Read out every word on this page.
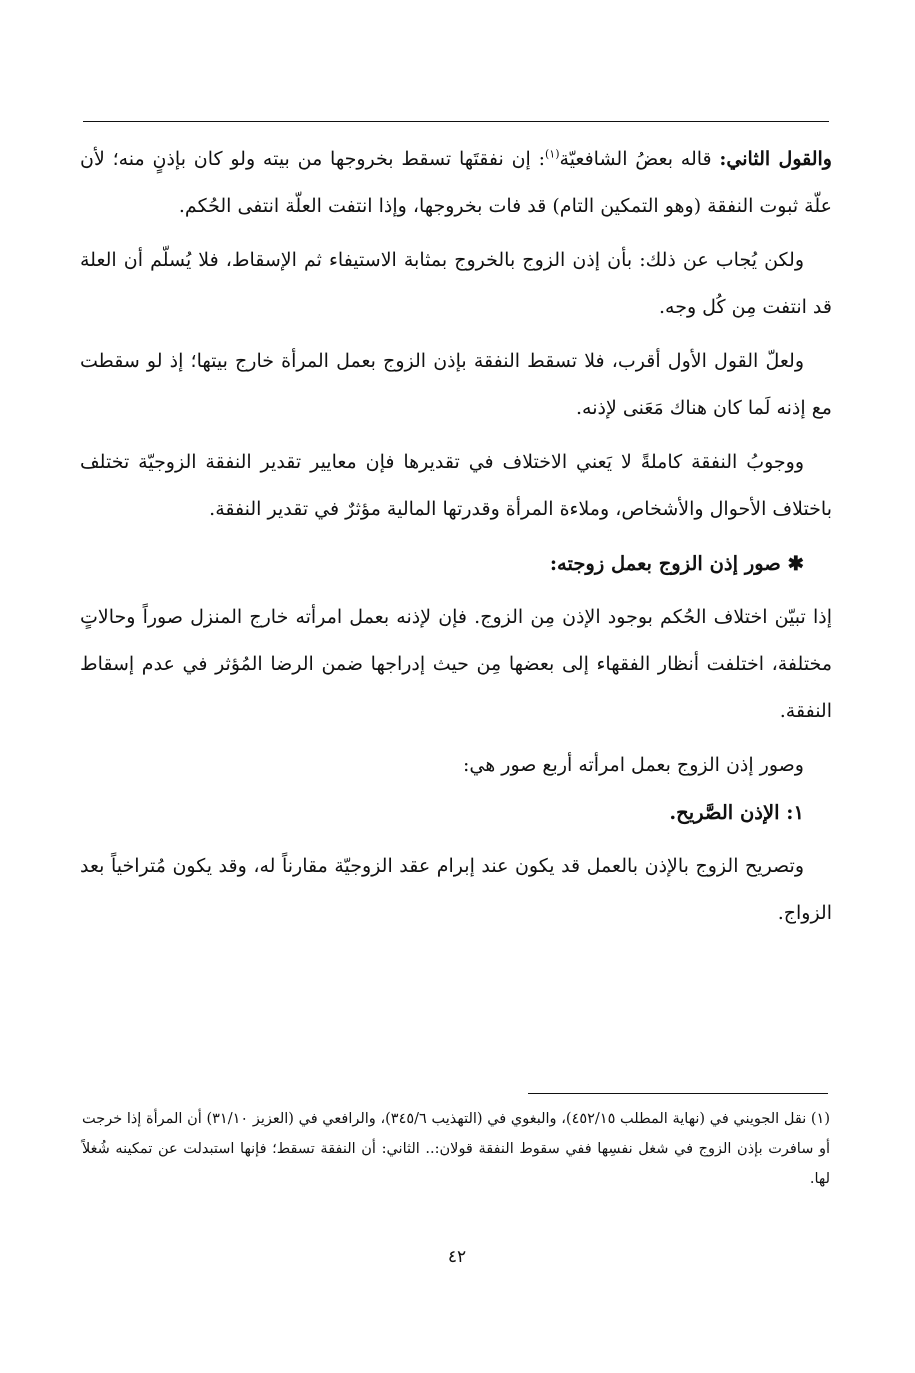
والقول الثاني: قاله بعضُ الشافعيّة$^{(١)}$: إن نفقتَها تسقط بخروجها من بيته ولو كان بإذنٍ منه؛ لأن علّة ثبوت النفقة (وهو التمكين التام) قد فات بخروجها، وإذا انتفت العلّة انتفى الحُكم.

ولكن يُجاب عن ذلك: بأن إذن الزوج بالخروج بمثابة الاستيفاء ثم الإسقاط، فلا يُسلّم أن العلة قد انتفت مِن كُل وجه.

ولعلّ القول الأول أقرب، فلا تسقط النفقة بإذن الزوج بعمل المرأة خارج بيتها؛ إذ لو سقطت مع إذنه لَما كان هناك مَعَنى لإذنه.

ووجوبُ النفقة كاملةً لا يَعني الاختلاف في تقديرها فإن معايير تقدير النفقة الزوجيّة تختلف باختلاف الأحوال والأشخاص، وملاءة المرأة وقدرتها المالية مؤثرٌ في تقدير النفقة.

✱ صور إذن الزوج بعمل زوجته:

إذا تبيّن اختلاف الحُكم بوجود الإذن مِن الزوج. فإن لإذنه بعمل امرأته خارج المنزل صوراً وحالاتٍ مختلفة، اختلفت أنظار الفقهاء إلى بعضها مِن حيث إدراجها ضمن الرضا المُؤثر في عدم إسقاط النفقة.

وصور إذن الزوج بعمل امرأته أربع صور هي:

١: الإذن الصَّريح.

وتصريح الزوج بالإذن بالعمل قد يكون عند إبرام عقد الزوجيّة مقارناً له، وقد يكون مُتراخياً بعد الزواج.

(١) نقل الجويني في (نهاية المطلب ٤٥٢/١٥)، والبغوي في (التهذيب ٣٤٥/٦)، والرافعي في (العزيز ٣١/١٠) أن المرأة إذا خرجت أو سافرت بإذن الزوج في شغل نفسِها ففي سقوط النفقة قولان:.. الثاني: أن النفقة تسقط؛ فإنها استبدلت عن تمكينه شُغلاً لها.

٤٢
